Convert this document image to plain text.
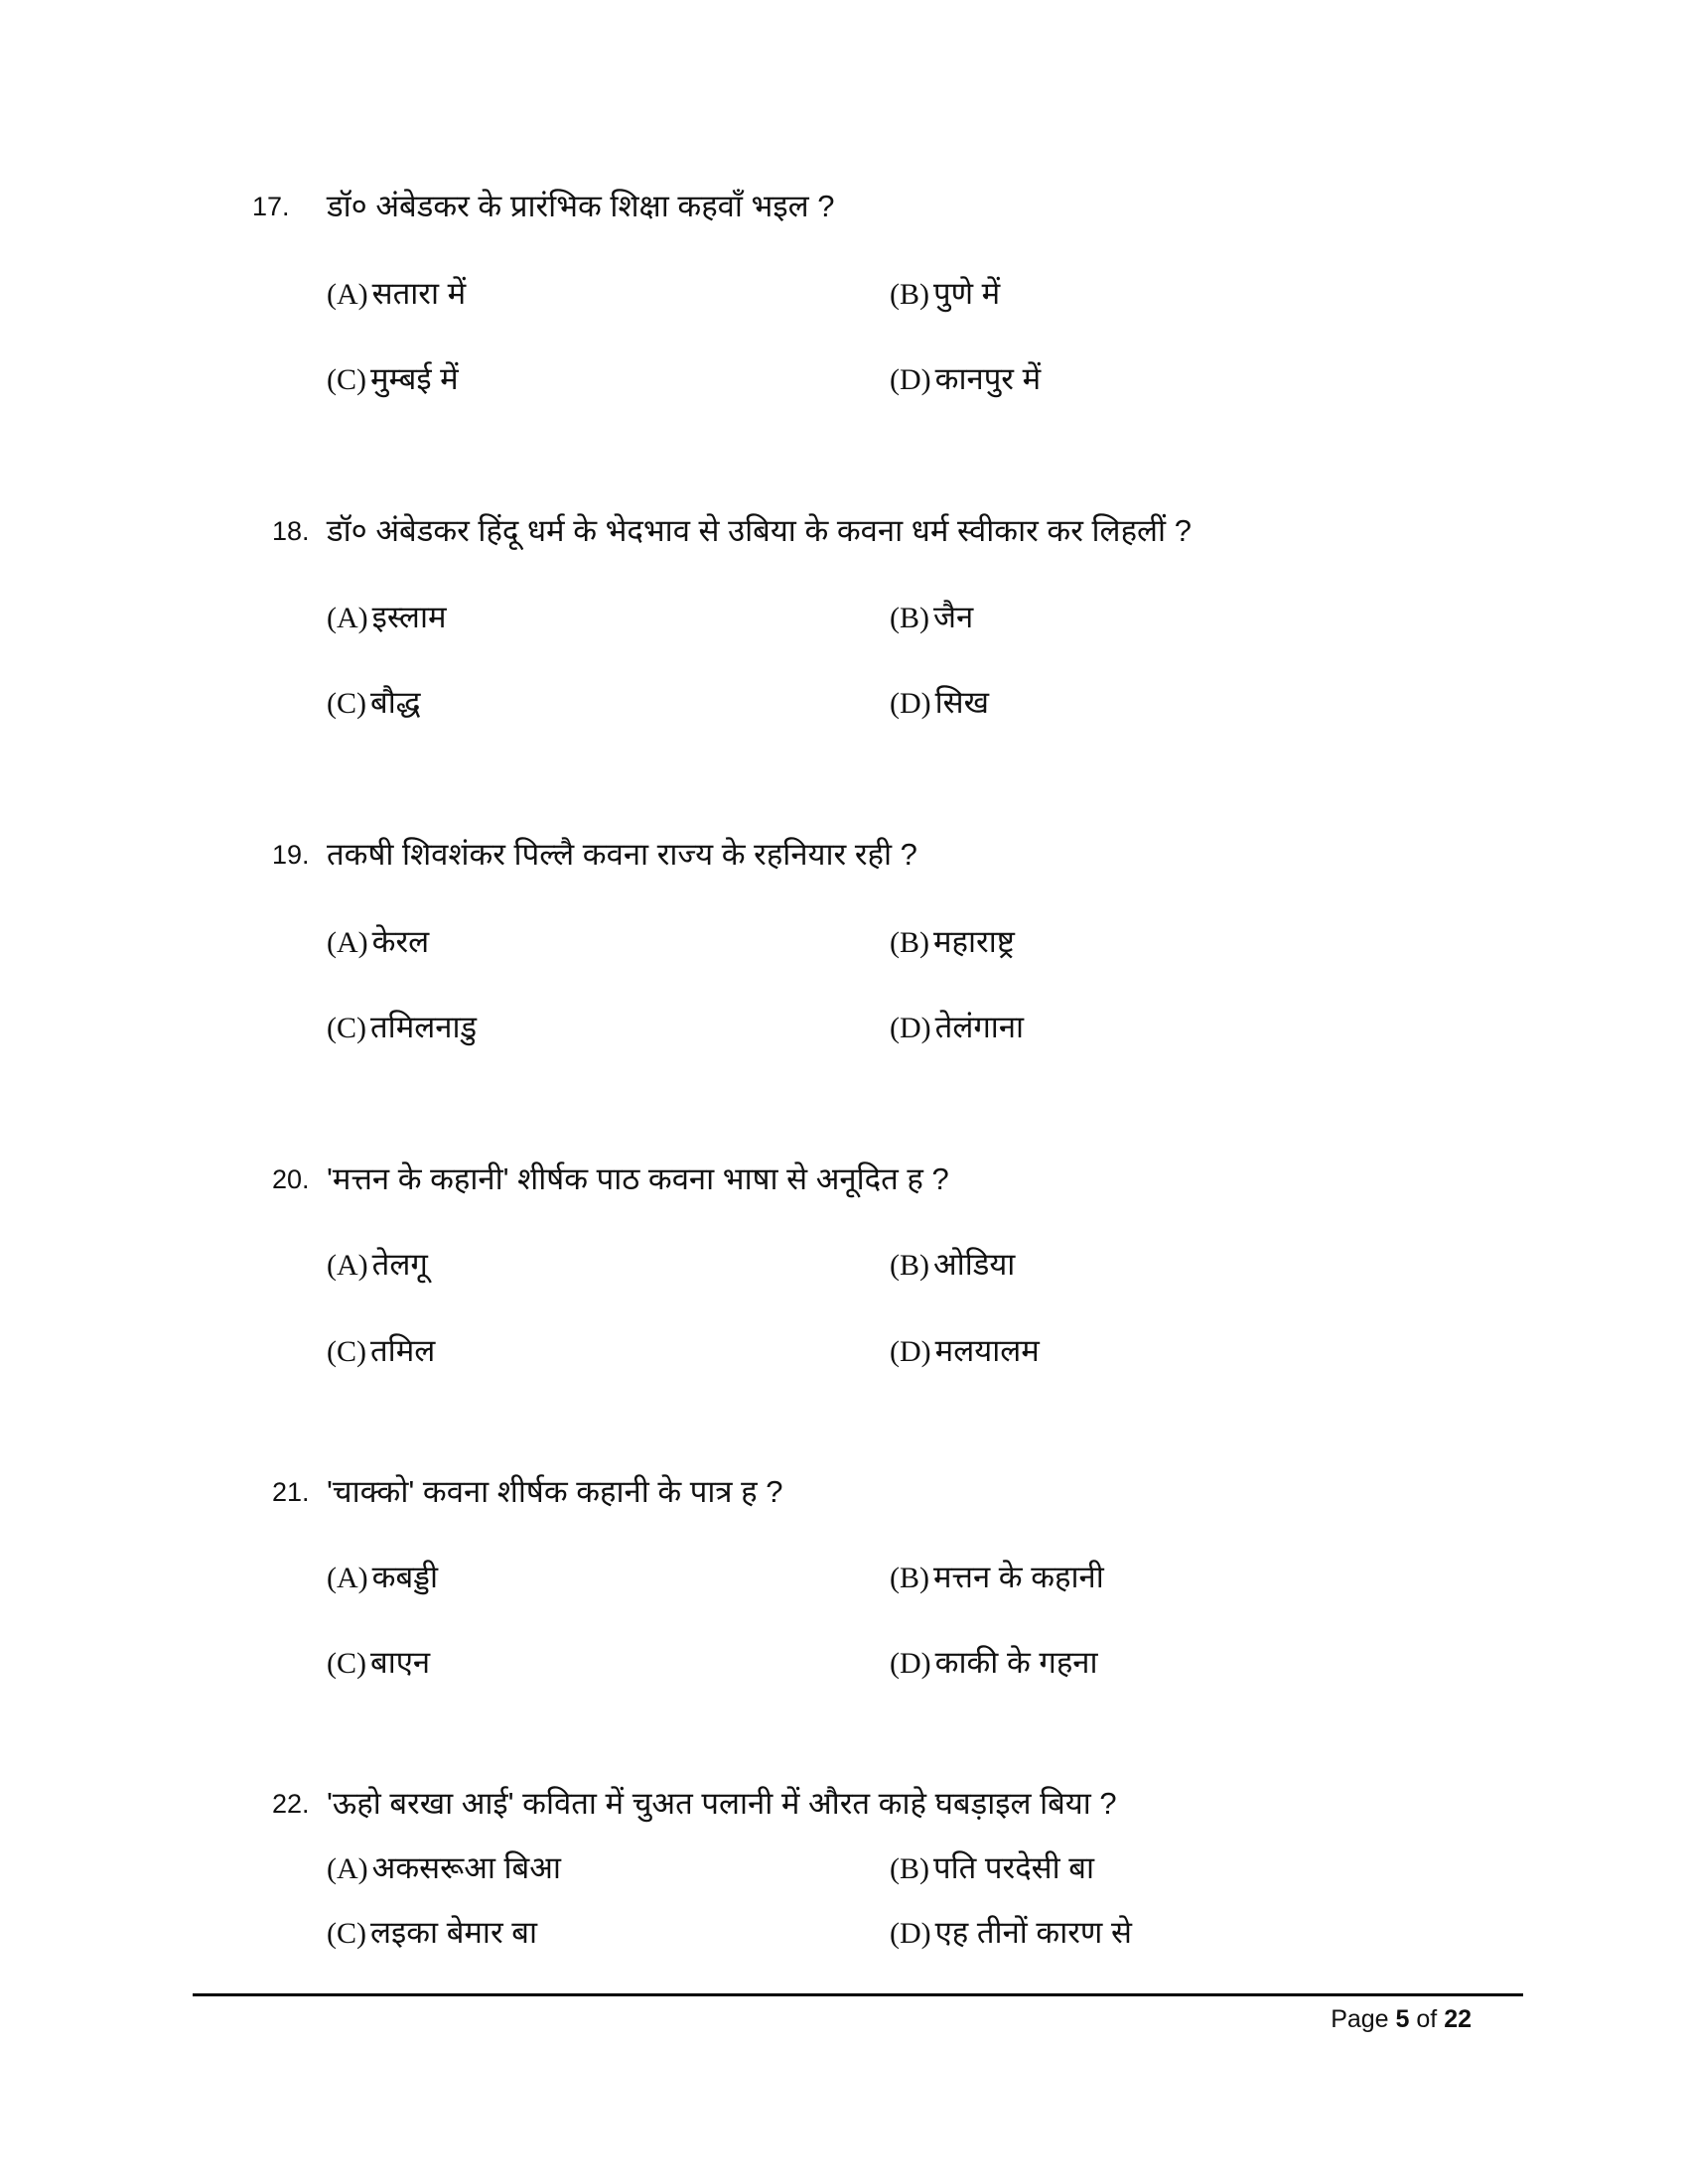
17. डॉ० अंबेडकर के प्रारंभिक शिक्षा कहवाँ भइल ?
(A) सतारा में	(B) पुणे में
(C) मुम्बई में	(D) कानपुर में
18. डॉ० अंबेडकर हिंदू धर्म के भेदभाव से उबिया के कवना धर्म स्वीकार कर लिहलीं ?
(A) इस्लाम	(B) जैन
(C) बौद्ध	(D) सिख
19. तकषी शिवशंकर पिल्लै कवना राज्य के रहनियार रही ?
(A) केरल	(B) महाराष्ट्र
(C) तमिलनाडु	(D) तेलंगाना
20. 'मत्तन के कहानी' शीर्षक पाठ कवना भाषा से अनूदित ह ?
(A) तेलगू	(B) ओडिया
(C) तमिल	(D) मलयालम
21. 'चाक्को' कवना शीर्षक कहानी के पात्र ह ?
(A) कबड्डी	(B) मत्तन के कहानी
(C) बाएन	(D) काकी के गहना
22. 'ऊहो बरखा आई' कविता में चुअत पलानी में औरत काहे घबड़ाइल बिया ?
(A) अकसरूआ बिआ	(B) पति परदेसी बा
(C) लइका बेमार बा	(D) एह तीनों कारण से
Page 5 of 22
